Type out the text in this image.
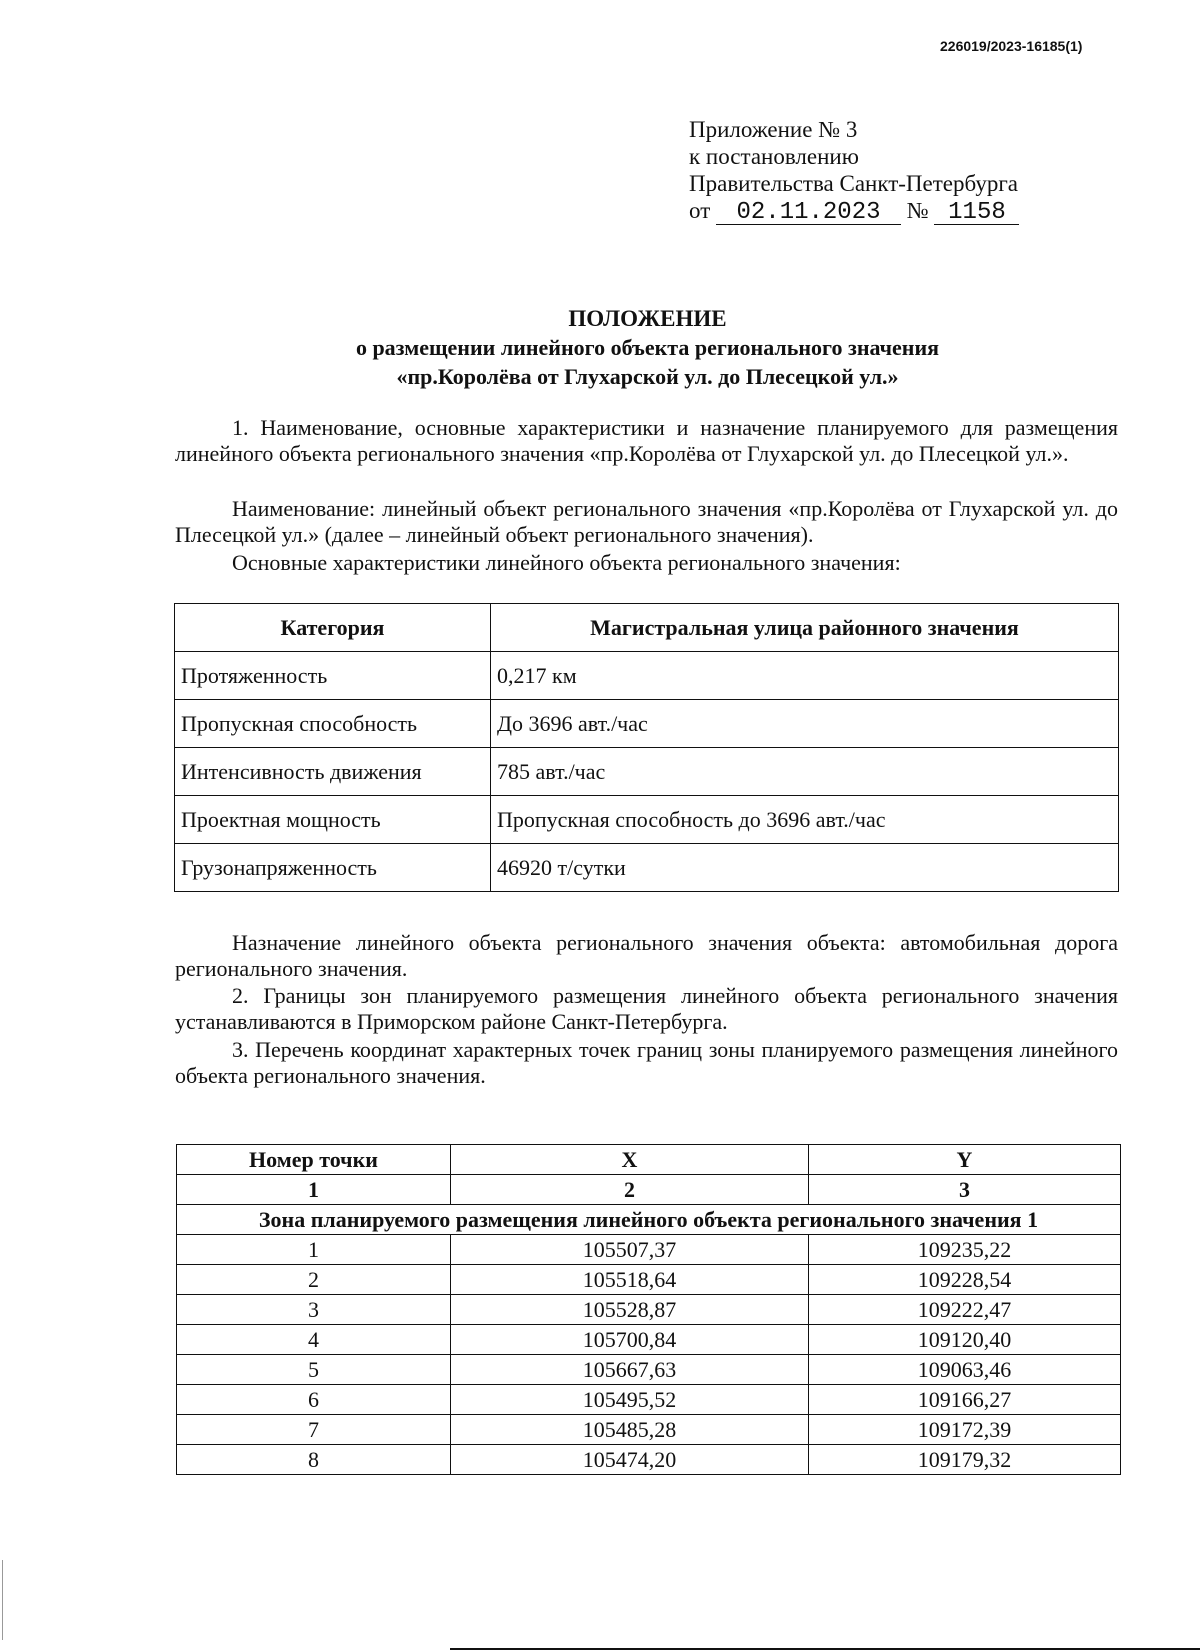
226019/2023-16185(1)
Приложение № 3
к постановлению
Правительства Санкт-Петербурга
от 02.11.2023 № 1158
ПОЛОЖЕНИЕ
о размещении линейного объекта регионального значения
«пр.Королёва от Глухарской ул. до Плесецкой ул.»
1. Наименование, основные характеристики и назначение планируемого для размещения линейного объекта регионального значения «пр.Королёва от Глухарской ул. до Плесецкой ул.».
Наименование: линейный объект регионального значения «пр.Королёва от Глухарской ул. до Плесецкой ул.» (далее – линейный объект регионального значения).
Основные характеристики линейного объекта регионального значения:
Категория	Магистральная улица районного значения
Протяженность	0,217 км
Пропускная способность	До 3696 авт./час
Интенсивность движения	785 авт./час
Проектная мощность	Пропускная способность до 3696 авт./час
Грузонапряженность	46920 т/сутки
Назначение линейного объекта регионального значения объекта: автомобильная дорога регионального значения.
2. Границы зон планируемого размещения линейного объекта регионального значения устанавливаются в Приморском районе Санкт-Петербурга.
3. Перечень координат характерных точек границ зоны планируемого размещения линейного объекта регионального значения.
Номер точки	X	Y
1	2	3
Зона планируемого размещения линейного объекта регионального значения 1		
1	105507,37	109235,22
2	105518,64	109228,54
3	105528,87	109222,47
4	105700,84	109120,40
5	105667,63	109063,46
6	105495,52	109166,27
7	105485,28	109172,39
8	105474,20	109179,32
